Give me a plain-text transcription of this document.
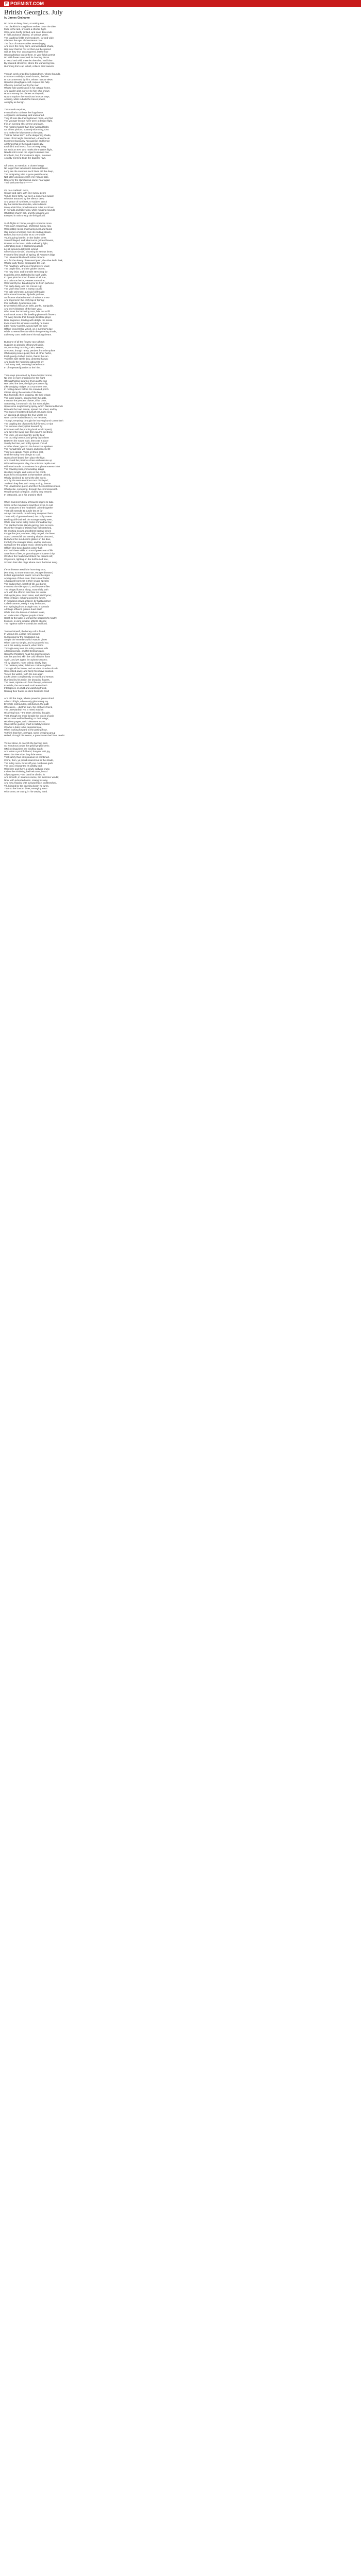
P POEMIST.COM
British Georgics. July

by James Grahame

No more at dewy dawn, or setting sun,
The blackbird's song floats mellow down the dale;
Mute is the lark, or soars a shorter flight.
With cares briefly thrilled, and soon descends.
In full luxuriance clothed, of various green,
The laughing fields and meadows, far and wide,
Gladden the eye: all-bounteous now
The face of Nature smiles serenely gay;
And even the misty cairn, and woodland shade,
Her rural charms: Yet let them not be spared.
Still as they rise, unconquered, let the hoe
Or ploughshare crush them. In your fields permit
No wild-flower to expand its dancing bloom
In wood and wild, there let them bud and blow
By haunted streamlet, where the wandering bee,
Humming from cup to bell, collects their sweets.
Though rarely prized by husbandmen, whose bounds,
Embrace a widely-spread domain, the bee
Is not contemned by him, whose narrow views
Upon his ploughgate croft, request the help
Of every rural art; nor by the man
Whose sole possession is his cottage home,
And garden plot, nor yet by him who knows
How to survey the planets as they roll;
Now to explore the wondrous insect's ways,
Adoring, while in both the traces power,
Almighty as benign.
This month requires,
From all who cultivate the frugal race,
A vigilance unceasing, and unwearied.
They lift less like their lightened hives, and find
The younger broods have ta'en a distant flight.
If in an evening sky, serene and calm,
The martins higher than their wonted flight,
On airiest pinions, scarcely skimming, toss
And make the lofty turret or the spire,
That far below lies'n in the deepening shade,
Seem of its height diminished;—then the air
Its utmost buoyancy has gained; and hence
All things that in the liquid regions ply,
Each bird and insect, float on easy wing:
On such an eve, who marks the martin's flight,
Needs not to scan the urgent column's rise
Prophetic, but, from Nature's signs, foresees
A ruddy morning tinge the dappled rays.
Oft when, at eventide, a cluster hangs
No larger than laburnum's tasseled flower,
Long are the murmurs such hives did the deep,
The emigrating tribe is gone past the woe;
Not, after anxious search o'er hill and dale,
Does e'er the slumberous owner hear again
Their welcome hum.———
Or, on a Sabbath morn,
Cloudy and calm, with one sunny gleam
To lure them forth, I've seen a numerous swarm
Whether attracted by the silence deep
And peace of rural rest, or sudden struck
By that instinctive impulse, which directs
Many a bird that proud Nature's rules to roll out
In myriads and take wing, while mingling sounds
Of distant church bell, and the jangling yes
Essayed in vain to stop the living cloud.
Such flights to hinder, nought conduces more
Than each responsive, sheltered, sunny, low,
With pebbly rocks, murmuring near and found
Oer stones emerging from its chiding stream.
Before, but not so near as to o'ershade
Your buzzing hamlet, let the linden trees
Sweet foliaged, and laburnum's golden flowers,
Present to the lotus, while mellowing light,
A tempting seat, a blossoming abode
Let all around a labyrinth extend
Of sericious shrubs, blooming in various times,
From the first breath of Spring, till Autumn's blige
The universal blush with sober browns.
And for the dewey blossomed palm, the olive leafe dark,
Whose early flower anticipates the leaf,
The hawthorn, witness of fond lovers' vows;
The purple lilac, and the golden broom,
The rosy briar, and bramble stretching far
Its prickly arms, Defended by such walls,
In open plots be sown flowers of all hue,
And odorous herbs,—sweet rosmarine,
With wild thyme, breathing far its fresh perfume;
The early daisy, and the crocus cup;
The violet that loves a mossy couch;
The pale primrose; auricula full fraught
With annual incense; lily-bells profuse,
As if came shaded wreath of Winter's snow
And lingered in the chilly lap of Spring;
Pair daffodils, hyacinthine rods
Enwreathed with azure bells, ponks, marigolds,
And every blossom of the later year,
Who loves the labouring race, fails not to fill
Each nook around his dwelling-place with flowers,
Till every breeze that through its lattice plays
Bear fragrance, loading with delight the sense.
Even round his windows carefully he trains
Lithe honey-suckles, wound with the tune
Of fine-loved trellis, which, on a summer's day,
While screened he sits within the quivering shade,
Lull every care, and charm his waking dream.
But none of all the flowery race affords
Supplies so plentiful of honey'd spoils,
As, on a misty morning, calm, serene,
Are seen, though rarely, pendent from the spikes
Of drooping sweet-peas; then all other herbs,
Each gaudy-clothed bloom, that in the sun
Twinkles with sterile dew, deserted hangs;
And busily the humming labourers ply
Their easy task, returning loaded soon
In oft-repeated journies to the hive.
Then days proceeded by these honied morns,
No time in more propitious for the flight
Of swarthinting swarms: Even as the sun
Has dried the dew, the light precursors fly,
Like wedging midges on a summer's eve,
In reeling dance before the crowded porch.
Others along the outside of the hive
Run hurriedly, then stopping, stir their wings;
The inner legions, pouring from the gate,
Increase the pendent cluster, till at once,
Streaming, it mounts in air, but soon alights
Upon some neighbouring spray, which blackened bends
Beneath the load. Haste, spread the sheet, and by
Two rods of moistened bulrush-strung to keep
An opening all around the hive where we
Next cut the loaded branch, nor hesitate;
Though, tempting, through the heaving bunch peep forth
The purpling tint of plumeful full-formed, or ripe
The luscious cherry (that beneath by
Pomona's self the pruning-hook would spare);
And save the living fruit: then spurns out those
The knife, yet use it gently; gently bear
The buzzing branch, and gently lay it down
Between the rowen rods, then o'er it place
Slowly the hive, and softly spread o'er all
Another sheet; quick to the humorous spieless
The myriad tribe will mount, and peaceful fill
Their new abode. There let them rest,
Until the sultry hours begin to cool;
Upon a level board then place the hive,
And round the precious close each crevice up
With well-tempered clay, the noisome reptile cast
Will else intrude. Sometimes through narrowest chink
The crawling snail, immunating, drags
His slimy length, and rests on the comb,
Even hers encounters in themselves denied,
Wholly declined, to mend the dire event,
And by the ever-wondrous race displayed;
To death they first, with many a sting, devote
The unwelcome guest; and then the monstrous mass,
Which else, corrupting, through the commonwealth
Would spread contagion, closely they entomb
In catacomb, as in his proteine shell.
When Summer's blow of flowers begins to fade,
Some to the mountains lead their hives, to cull
The treasures of the heathbell. Joined together
That still extends its purple tint as far
As eye can reach, round many an upland farm
There still, of genuine breed, the crofty mares
Banking drill-drained, the stranger rarely seen,
While near some ruddy rocks of meadow hay
The startled horse stands gazing, then as soon
His sinker-length of twisted hair full stretched,
He snorting scours a toothless barrow-senes
For garden jam;—where, daily ranged, the hives
Stand covered till the evening shades descend,
But when the sun-beams glisten on the dew,
Forth fly the stranger tribes, and far and near
Spread o'er the purple moor, cleaning the luck
Of him who busy digs his winter fuel;
For 'mid these wilds no sound greets ear of life
Save hum of bee, or grasshopper's hoarse chirp.
Or when the heath-fowl strikes her distant call;
Or plovers, lighting on the bulf-buried tree,
Scream their dire dirge where once the linnet sung.
If e'er disease assail the humming race,
(For they, no more than man, escape disease,)
Its first approaches watch: nor are the signs
Ambiguous of their state: their colour fades;
A haggard leanness in their visage speaks;
The bodies then, bereft of life, are borne
From out the silent porch, and frequent flies
The winged funeral along, mournfully, with
And with the offered food fear not to mix
Oak-apple juice, dried roses, and wild thyme;
With centaury, exhaling powerful fumes.
In meadows grows a flower, by husbandmen
Called starwort, easily it may be known;
For, springing from a single root, it spreads
A foliage effluent, golden-hued itself;
While from the leaves of darkest violet,
An under-mist of lighter purple shines:
Harsh to the taste, it wrings the shepherd's mouth:
Its roots, in wine infused, affords at once
The hapless sufferers medicine and food.
To man himself, the honey cell is found,
In various ills, a cleat ro to poisons
Surpassing far the medicated cup-
Simple the remedies which Nature gives!
When cure so simple, and so powerful too,
As is the watery element, when fierce
Through every vein the sultry season rolls
A ferocious tide, and fell Delirium rack,
Upon the throbbing head his glowing crown.
Oer the parched skin the cold effusion flows
Again, and yet again, in copious streams;
Till by degrees, more calmly, slowly lleps
The restless pulse; delicious coolness glides
Through all the frame; and as when thunder-clouds
Have rolled away, and fierily fires have ceased,
To see the welkin, forth the sun again
Looks down complacently on wood and stream;
Illumined by his smile, the drooping flowers,
The trees, rejoice—so from the eye, obscured
Erewhile, the renovated soul beams forth
Intelligence on child and watching friend,
Raising their hands in silent thanks to God!
And did the Sage, whose powerful genius shed
A flood of light, where only glimmering ray
Erewhile confounded, not illumed, the path
Of science,—did that man, the orphan's friend,
The unrewarded! No, a meed was his
His dying hour,—the tears ushering thought,
That, though me more beside the couch of pain
His accents waftled healing on their wings;
His silent pages, amid Disease's storm,
Was still the guiding chart to Safety's shore!
O! what a balm to his departed soul,
When looking forward to the parting hour,
To think that then, perhaps, some weeping group
Hailed, through his means, a parent snatched from death!
Yet not alone, to quench the burning pest,
So wondrous power the gelid lymph exerts;
OR it extinguishes the kindling spark;
And when a youthful band, buoyant with joy,
Hie to the river side, they little ween,
That safety thus with pleasure is combined.
Come, then, ye proud nearest not in the shade,
The sultry noon, throw off your cumbrous garb:
The pool, reluctant to its pebbly bed,
With here and there a slowly-eddying cruse,
Invites the shrinking, half-reluctant, brood
Of youngsters,—the bank he climbs, lo
And smooth, in sinuous course, the swimmer winds;
Now, with extended arms, rowing his way,
And now, floating with sunward face, outstretched,
Till, blinded by the dazzling beam he turns,
Then to the bottom dives, emerging soon
With stone, as trophy, in his waving hand.
